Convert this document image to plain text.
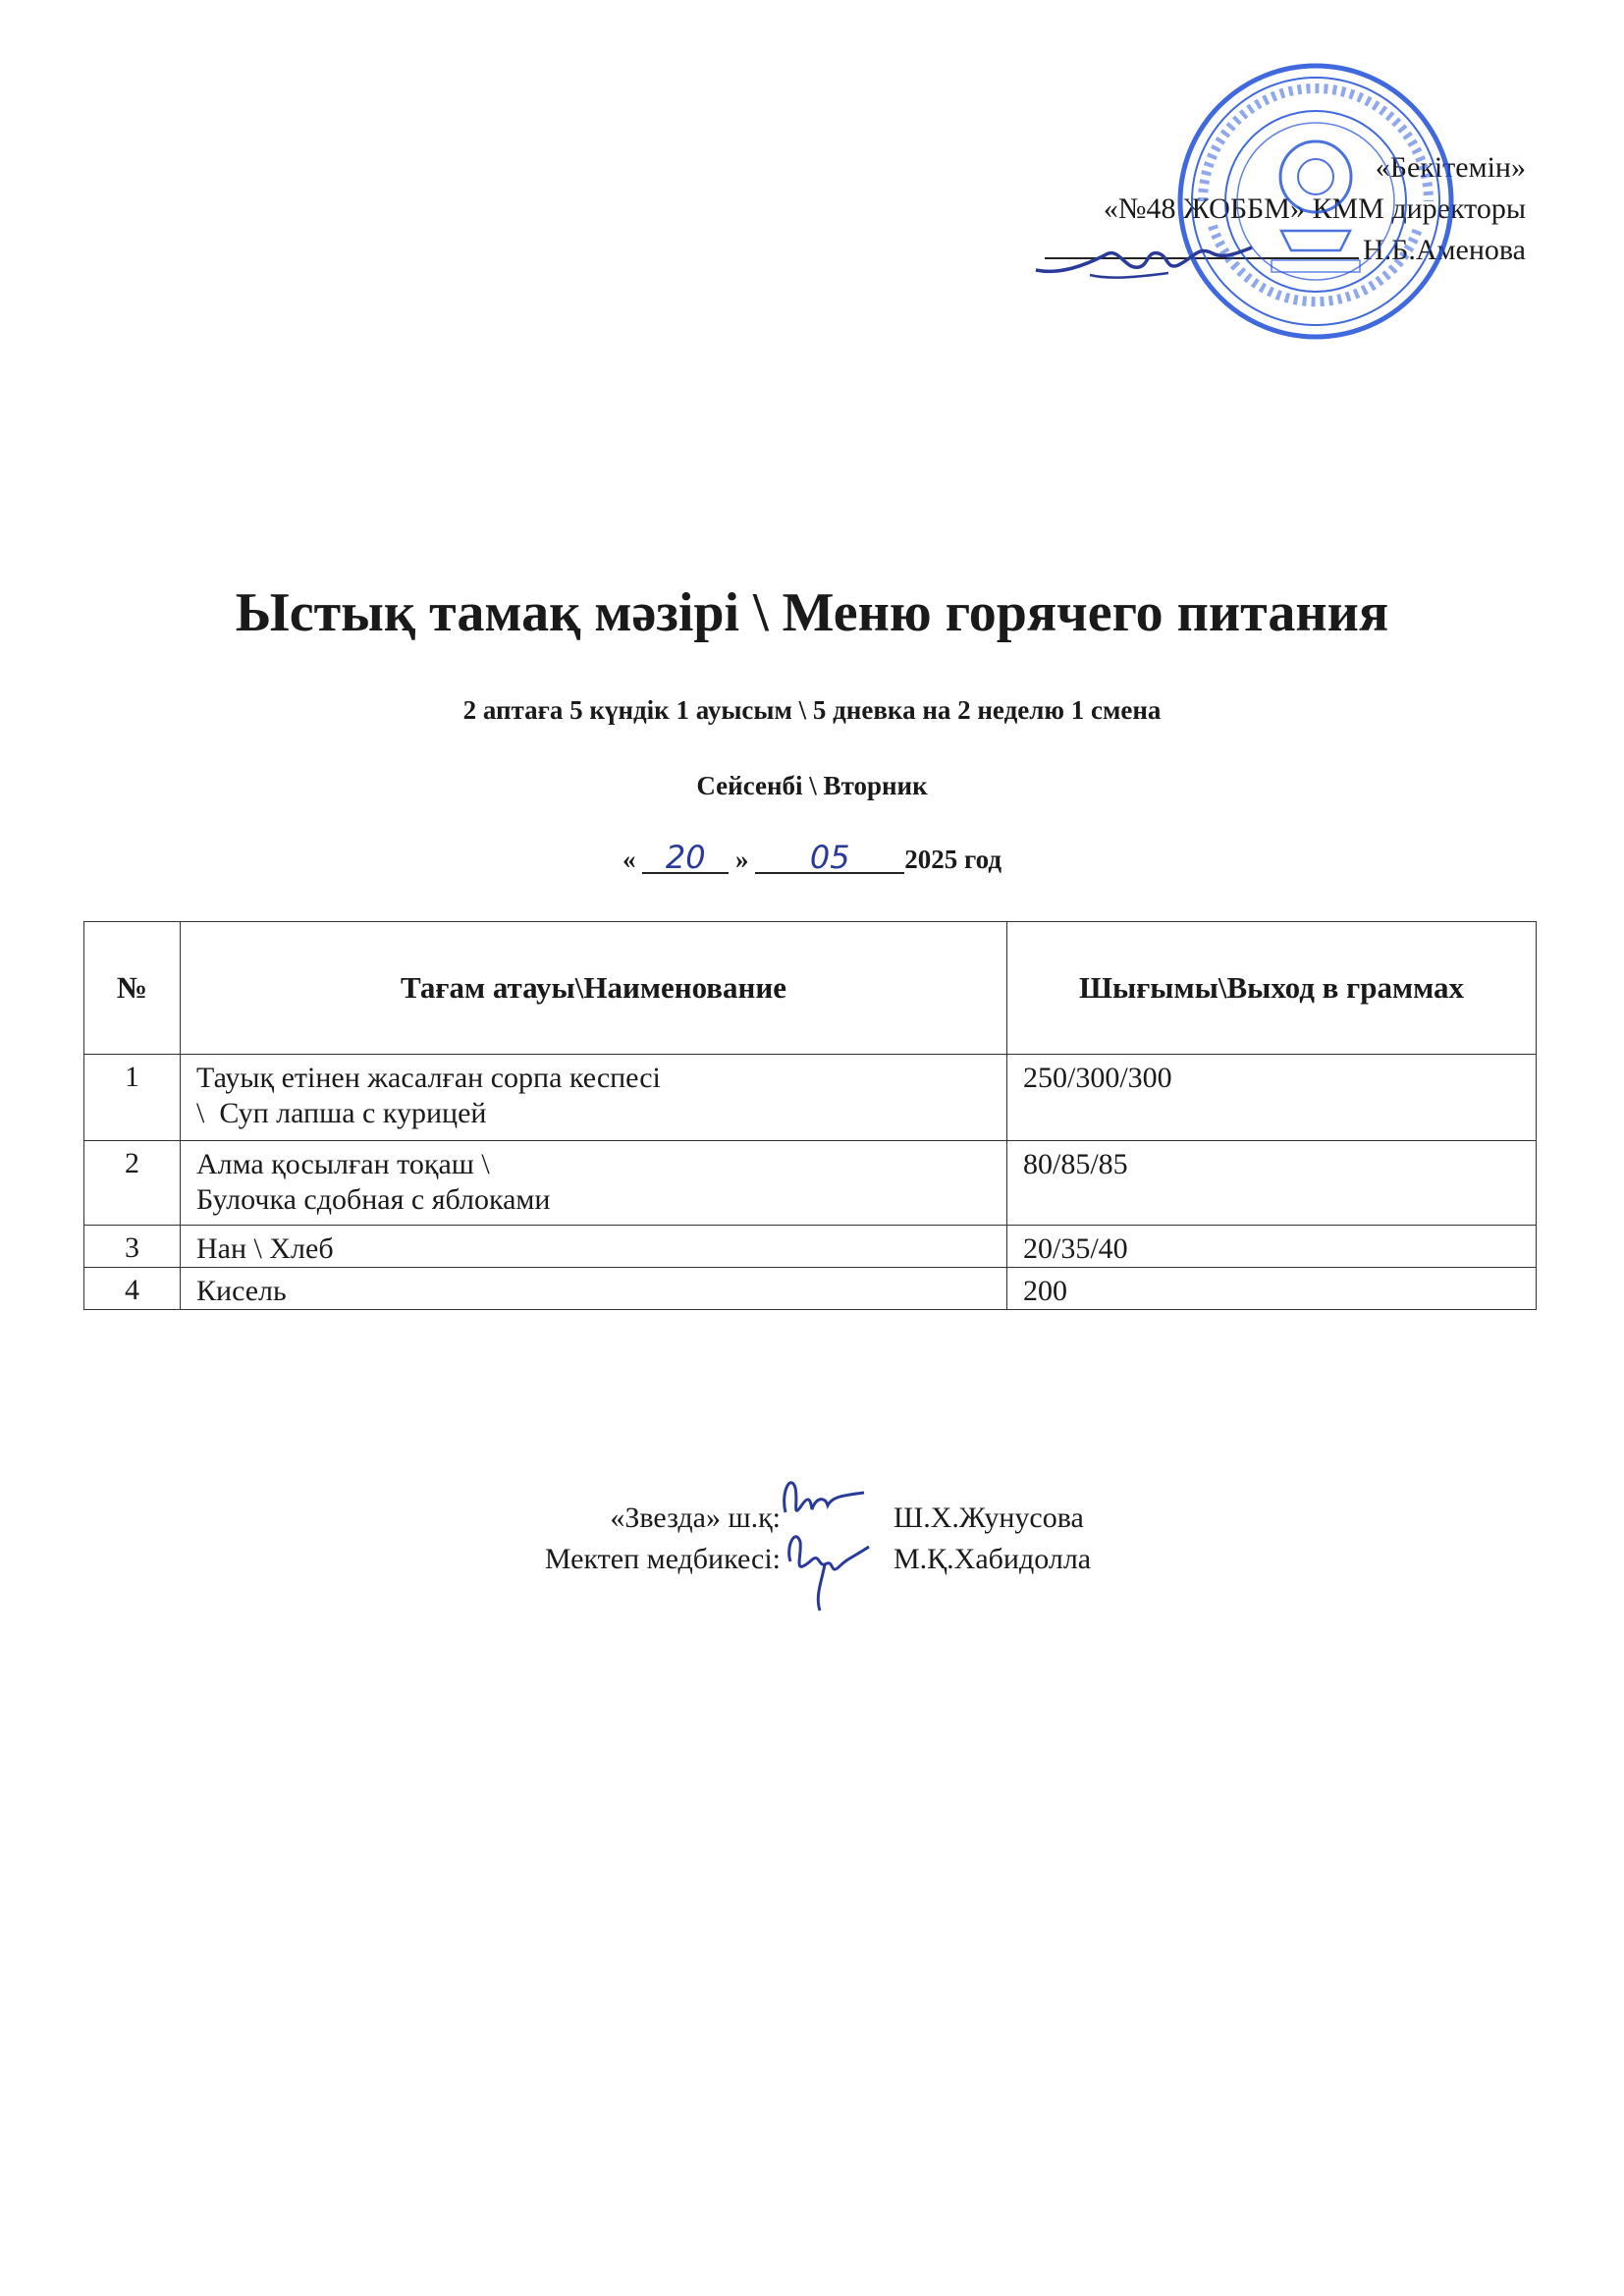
«Бекітемін»
«№48 ЖОББМ» КММ директоры
Н.Б.Аменова
Ыстық тамақ мәзірі \ Меню горячего питания
2 аптаға 5 күндік 1 ауысым \ 5 дневка на 2 неделю 1 смена
Сейсенбі \ Вторник
« 20 » 05 2025 год
№	Тағам атауы\Наименование	Шығымы\Выход в граммах
1	Тауық етінен жасалған сорпа кеспесі
\  Суп лапша с курицей	250/300/300
2	Алма қосылған тоқаш \
Булочка сдобная с яблоками	80/85/85
3	Нан \ Хлеб	20/35/40
4	Кисель	200
«Звезда» ш.қ:
Мектеп медбикесі:
Ш.Х.Жунусова
М.Қ.Хабидолла
